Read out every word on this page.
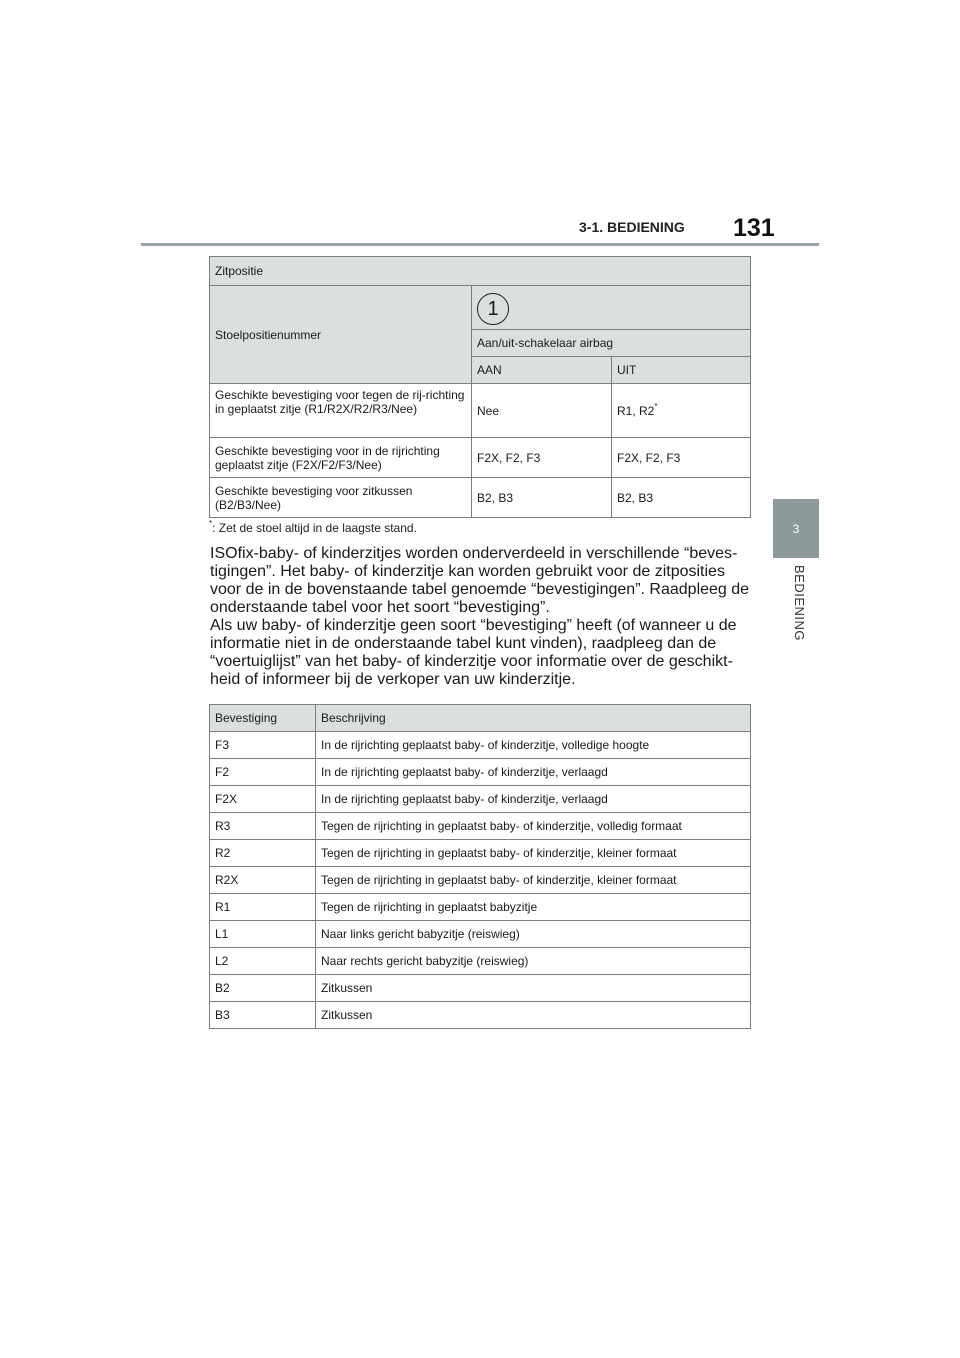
3-1. BEDIENING 131
3
BEDIENING
Zitpositie		
Stoelpositienummer	1	
	Aan/uit-schakelaar airbag	
	AAN	UIT
Geschikte bevestiging voor tegen de rij-richting in geplaatst zitje (R1/R2X/R2/R3/Nee)	Nee	R1, R2*
Geschikte bevestiging voor in de rijrichting geplaatst zitje (F2X/F2/F3/Nee)	F2X, F2, F3	F2X, F2, F3
Geschikte bevestiging voor zitkussen (B2/B3/Nee)	B2, B3	B2, B3
*: Zet de stoel altijd in de laagste stand.

ISOfix-baby- of kinderzitjes worden onderverdeeld in verschillende “beves-tigingen”. Het baby- of kinderzitje kan worden gebruikt voor de zitposities voor de in de bovenstaande tabel genoemde “bevestigingen”. Raadpleeg de onderstaande tabel voor het soort “bevestiging”.

Als uw baby- of kinderzitje geen soort “bevestiging” heeft (of wanneer u de informatie niet in de onderstaande tabel kunt vinden), raadpleeg dan de “voertuiglijst” van het baby- of kinderzitje voor informatie over de geschikt-heid of informeer bij de verkoper van uw kinderzitje.

Bevestiging	Beschrijving
F3	In de rijrichting geplaatst baby- of kinderzitje, volledige hoogte
F2	In de rijrichting geplaatst baby- of kinderzitje, verlaagd
F2X	In de rijrichting geplaatst baby- of kinderzitje, verlaagd
R3	Tegen de rijrichting in geplaatst baby- of kinderzitje, volledig formaat
R2	Tegen de rijrichting in geplaatst baby- of kinderzitje, kleiner formaat
R2X	Tegen de rijrichting in geplaatst baby- of kinderzitje, kleiner formaat
R1	Tegen de rijrichting in geplaatst babyzitje
L1	Naar links gericht babyzitje (reiswieg)
L2	Naar rechts gericht babyzitje (reiswieg)
B2	Zitkussen
B3	Zitkussen
